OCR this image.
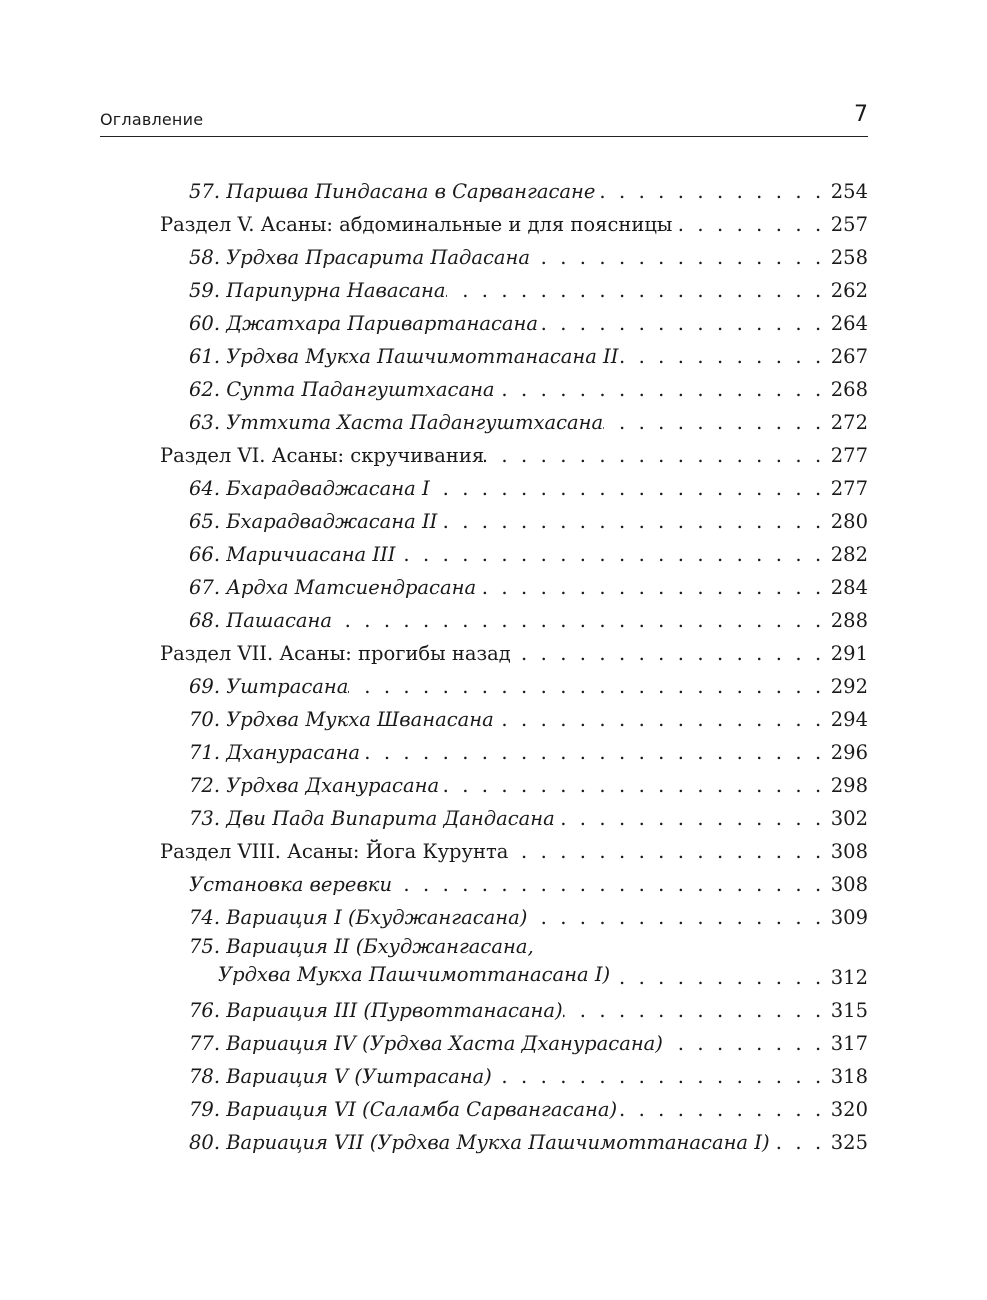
Оглавление	7
57. Паршва Пиндасана в Сарвангасане . . .	254
Раздел V. Асаны: абдоминальные и для поясницы . . .	257
58. Урдхва Прасарита Падасана . . .	258
59. Парипурна Навасана . . .	262
60. Джатхара Паривартанасана . . .	264
61. Урдхва Мукха Пашчимоттанасана II . . .	267
62. Супта Падангуштхасана . . .	268
63. Уттхита Хаста Падангуштхасана . . .	272
Раздел VI. Асаны: скручивания . . .	277
64. Бхарадваджасана I . . .	277
65. Бхарадваджасана II . . .	280
66. Маричиасана III . . .	282
67. Ардха Матсиендрасана . . .	284
68. Пашасана . . .	288
Раздел VII. Асаны: прогибы назад . . .	291
69. Уштрасана . . .	292
70. Урдхва Мукха Шванасана . . .	294
71. Дханурасана . . .	296
72. Урдхва Дханурасана . . .	298
73. Дви Пада Випарита Дандасана . . .	302
Раздел VIII. Асаны: Йога Курунта . . .	308
Установка веревки . . .	308
74. Вариация I (Бхуджангасана) . . .	309
75. Вариация II (Бхуджангасана,
Урдхва Мукха Пашчимоттанасана I) . . .	312
76. Вариация III (Пурвоттанасана) . . .	315
77. Вариация IV (Урдхва Хаста Дханурасана) . . .	317
78. Вариация V (Уштрасана) . . .	318
79. Вариация VI (Саламба Сарвангасана) . . .	320
80. Вариация VII (Урдхва Мукха Пашчимоттанасана I) . . .	325
